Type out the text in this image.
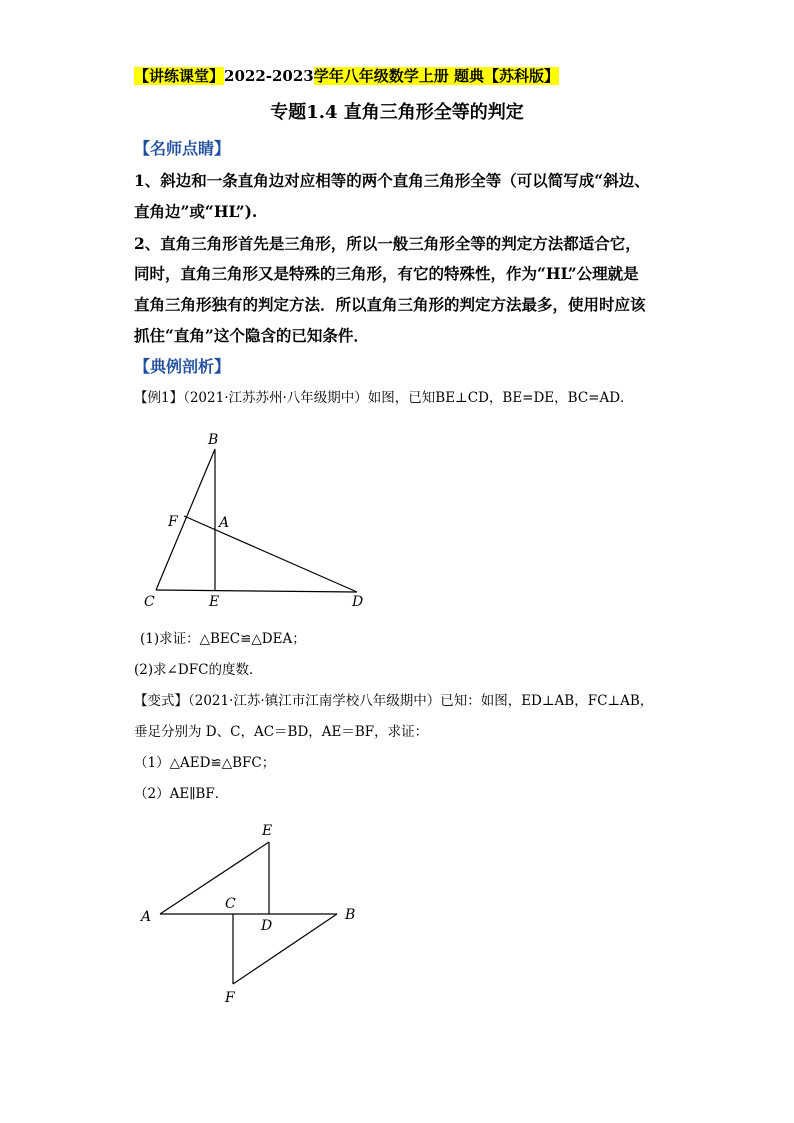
【讲练课堂】2022-2023学年八年级数学上册 题典【苏科版】
专题1.4 直角三角形全等的判定
【名师点睛】
1、斜边和一条直角边对应相等的两个直角三角形全等（可以简写成“斜边、
直角边”或“HL”).
2、直角三角形首先是三角形，所以一般三角形全等的判定方法都适合它，
同时，直角三角形又是特殊的三角形，有它的特殊性，作为“HL”公理就是
直角三角形独有的判定方法．所以直角三角形的判定方法最多，使用时应该
抓住“直角”这个隐含的已知条件．
【典例剖析】
【例1】（2021·江苏苏州·八年级期中）如图，已知BE⊥CD，BE=DE，BC=AD．
B
F	A
C	E	D
(1)求证：△BEC≌△DEA；
(2)求∠DFC的度数．
【变式】（2021·江苏·镇江市江南学校八年级期中）已知：如图，ED⊥AB，FC⊥AB，
垂足分别为 D、C，AC＝BD，AE＝BF，求证：
（1）△AED≌△BFC；
（2）AE∥BF．
E
A
C
D
B
F
